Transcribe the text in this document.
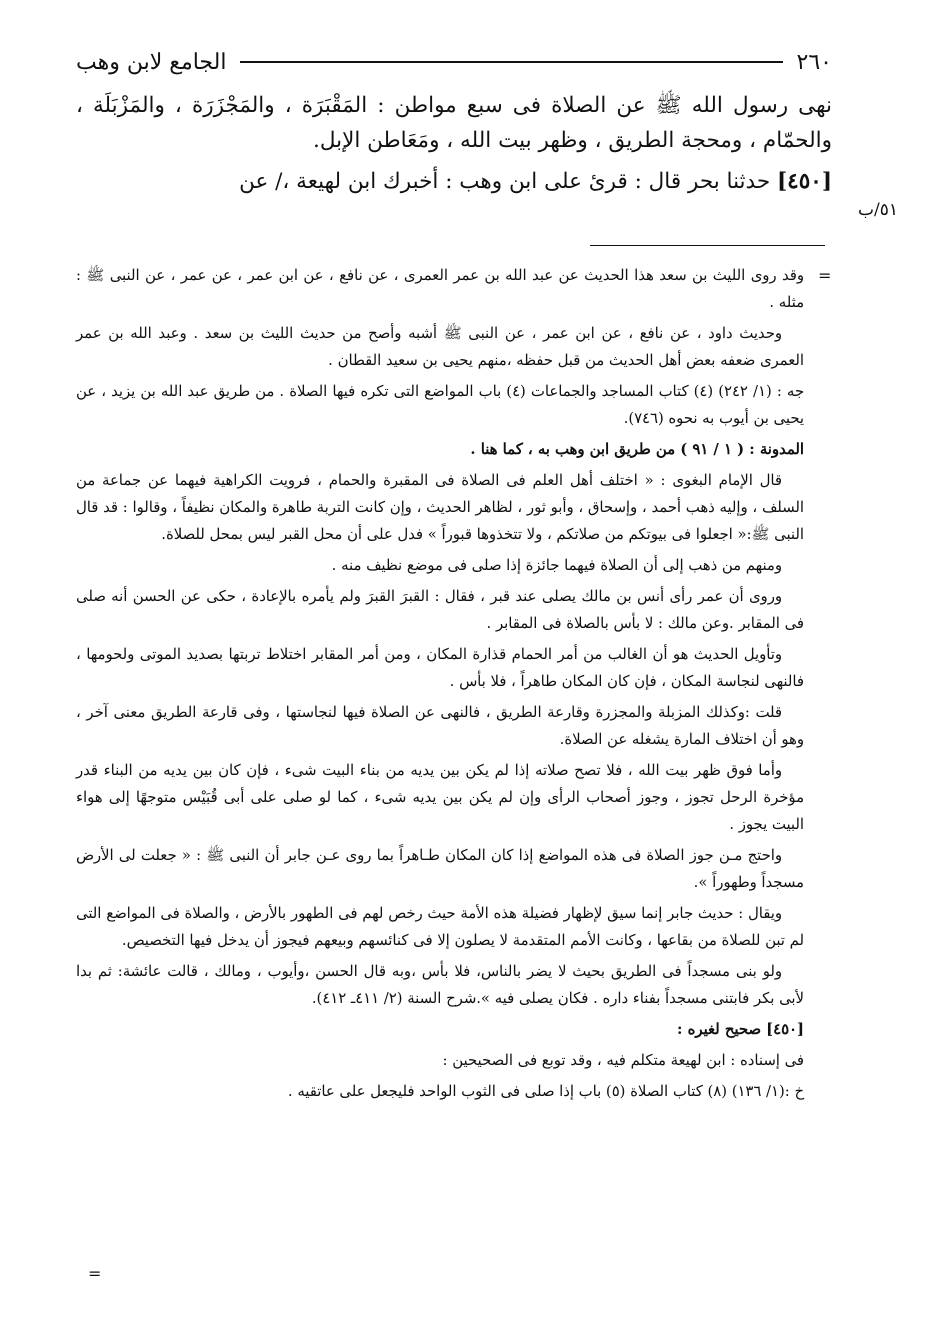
الجامع لابن وهب	٢٦٠

نهى رسول الله ﷺ عن الصلاة فى سبع مواطن : المَقْبَرَة ، والمَجْزَرَة ، والمَزْبَلَة ، والحمّام ، ومحجة الطريق ، وظهر بيت الله ، ومَعَاطن الإبل.

[٤٥٠] حدثنا بحر قال : قرئ على ابن وهب : أخبرك ابن لهيعة ،/ عن

٥١/ب
=
=

وقد روى الليث بن سعد هذا الحديث عن عبد الله بن عمر العمرى ، عن نافع ، عن ابن عمر ، عن عمر ، عن النبى ﷺ : مثله .

وحديث داود ، عن نافع ، عن ابن عمر ، عن النبى ﷺ أشبه وأصح من حديث الليث بن سعد . وعبد الله بن عمر العمرى ضعفه بعض أهل الحديث من قبل حفظه ،منهم يحيى بن سعيد القطان .

جه : (١/ ٢٤٢) (٤) كتاب المساجد والجماعات (٤) باب المواضع التى تكره فيها الصلاة . من طريق عبد الله بن يزيد ، عن يحيى بن أيوب به نحوه (٧٤٦).

المدونة : ( ١ / ٩١ ) من طريق ابن وهب به ، كما هنا .

قال الإمام البغوى : « اختلف أهل العلم فى الصلاة فى المقبرة والحمام ، فرويت الكراهية فيهما عن جماعة من السلف ، وإليه ذهب أحمد ، وإسحاق ، وأبو ثور ، لظاهر الحديث ، وإن كانت التربة طاهرة والمكان نظيفاً ، وقالوا : قد قال النبى ﷺ:« اجعلوا فى بيوتكم من صلاتكم ، ولا تتخذوها قبوراً » فدل على أن محل القبر ليس بمحل للصلاة.

ومنهم من ذهب إلى أن الصلاة فيهما جائزة إذا صلى فى موضع نظيف منه .

وروى أن عمر رأى أنس بن مالك يصلى عند قبر ، فقال : القبرَ القبرَ ولم يأمره بالإعادة ، حكى عن الحسن أنه صلى فى المقابر .وعن مالك : لا بأس بالصلاة فى المقابر .

وتأويل الحديث هو أن الغالب من أمر الحمام قذارة المكان ، ومن أمر المقابر اختلاط تربتها بصديد الموتى ولحومها ، فالنهى لنجاسة المكان ، فإن كان المكان طاهراً ، فلا بأس .

قلت :وكذلك المزبلة والمجزرة وقارعة الطريق ، فالنهى عن الصلاة فيها لنجاستها ، وفى قارعة الطريق معنى آخر ، وهو أن اختلاف المارة يشغله عن الصلاة.

وأما فوق ظهر بيت الله ، فلا تصح صلاته إذا لم يكن بين يديه من بناء البيت شىء ، فإن كان بين يديه من البناء قدر مؤخرة الرحل تجوز ، وجوز أصحاب الرأى وإن لم يكن بين يديه شىء ، كما لو صلى على أبى قُبَيْس متوجهًا إلى هواء البيت يجوز .

واحتج مـن جوز الصلاة فى هذه المواضع إذا كان المكان طـاهراً بما روى عـن جابر أن النبى ﷺ : « جعلت لى الأرض مسجداً وطهوراً ».

ويقال : حديث جابر إنما سيق لإظهار فضيلة هذه الأمة حيث رخص لهم فى الطهور بالأرض ، والصلاة فى المواضع التى لم تبن للصلاة من بقاعها ، وكانت الأمم المتقدمة لا يصلون إلا فى كنائسهم وبيعهم فيجوز أن يدخل فيها التخصيص.

ولو بنى مسجداً فى الطريق بحيث لا يضر بالناس، فلا بأس ،وبه قال الحسن ،وأيوب ، ومالك ، قالت عائشة: ثم بدا لأبى بكر فابتنى مسجداً بفناء داره . فكان يصلى فيه ».شرح السنة (٢/ ٤١١ـ ٤١٢).

[٤٥٠] صحيح لغيره :

فى إسناده : ابن لهيعة متكلم فيه ، وقد توبع فى الصحيحين :

خ :(١/ ١٣٦) (٨) كتاب الصلاة (٥) باب إذا صلى فى الثوب الواحد فليجعل على عاتقيه .
